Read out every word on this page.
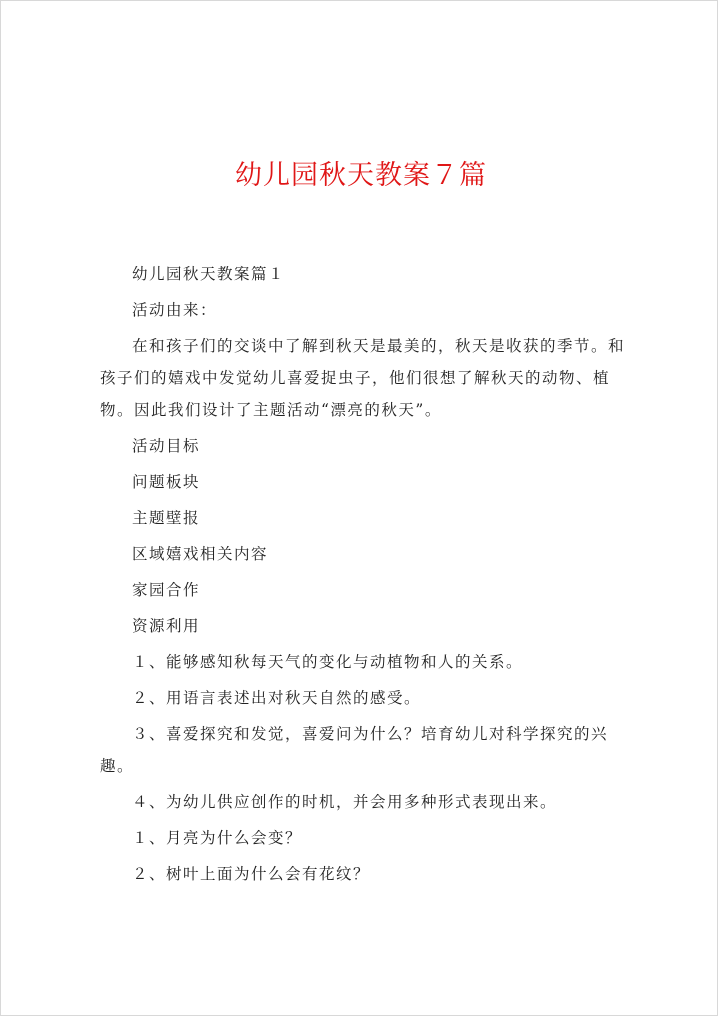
幼儿园秋天教案７篇

幼儿园秋天教案篇１

活动由来：

在和孩子们的交谈中了解到秋天是最美的，秋天是收获的季节。和孩子们的嬉戏中发觉幼儿喜爱捉虫子，他们很想了解秋天的动物、植物。因此我们设计了主题活动“漂亮的秋天”。

活动目标

问题板块

主题壁报

区域嬉戏相关内容

家园合作

资源利用

１、能够感知秋每天气的变化与动植物和人的关系。

２、用语言表述出对秋天自然的感受。

３、喜爱探究和发觉，喜爱问为什么？培育幼儿对科学探究的兴趣。

４、为幼儿供应创作的时机，并会用多种形式表现出来。

１、月亮为什么会变？

２、树叶上面为什么会有花纹？
